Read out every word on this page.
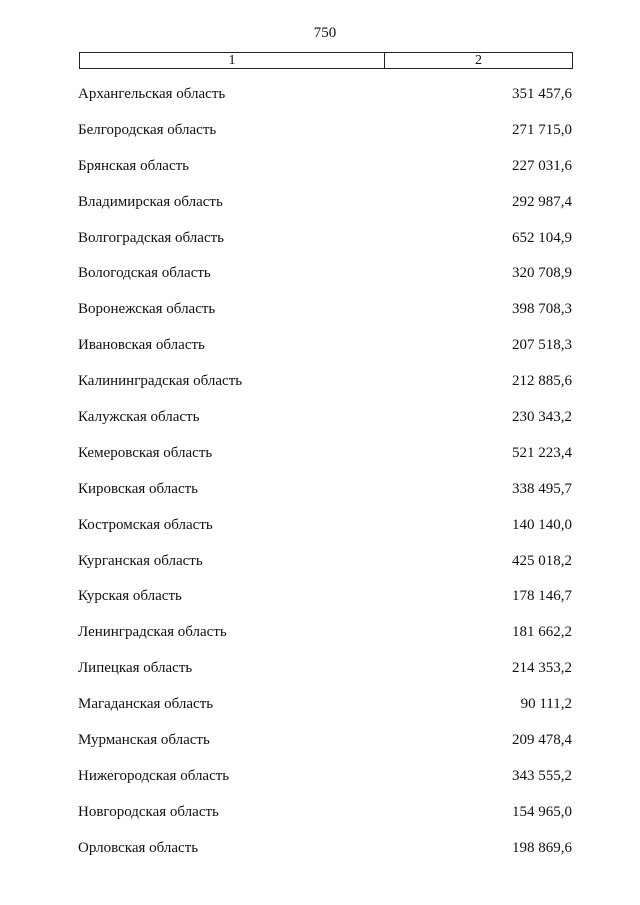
750
1	2
Архангельская область	351 457,6
Белгородская область	271 715,0
Брянская область	227 031,6
Владимирская область	292 987,4
Волгоградская область	652 104,9
Вологодская область	320 708,9
Воронежская область	398 708,3
Ивановская область	207 518,3
Калининградская область	212 885,6
Калужская область	230 343,2
Кемеровская область	521 223,4
Кировская область	338 495,7
Костромская область	140 140,0
Курганская область	425 018,2
Курская область	178 146,7
Ленинградская область	181 662,2
Липецкая область	214 353,2
Магаданская область	90 111,2
Мурманская область	209 478,4
Нижегородская область	343 555,2
Новгородская область	154 965,0
Орловская область	198 869,6
